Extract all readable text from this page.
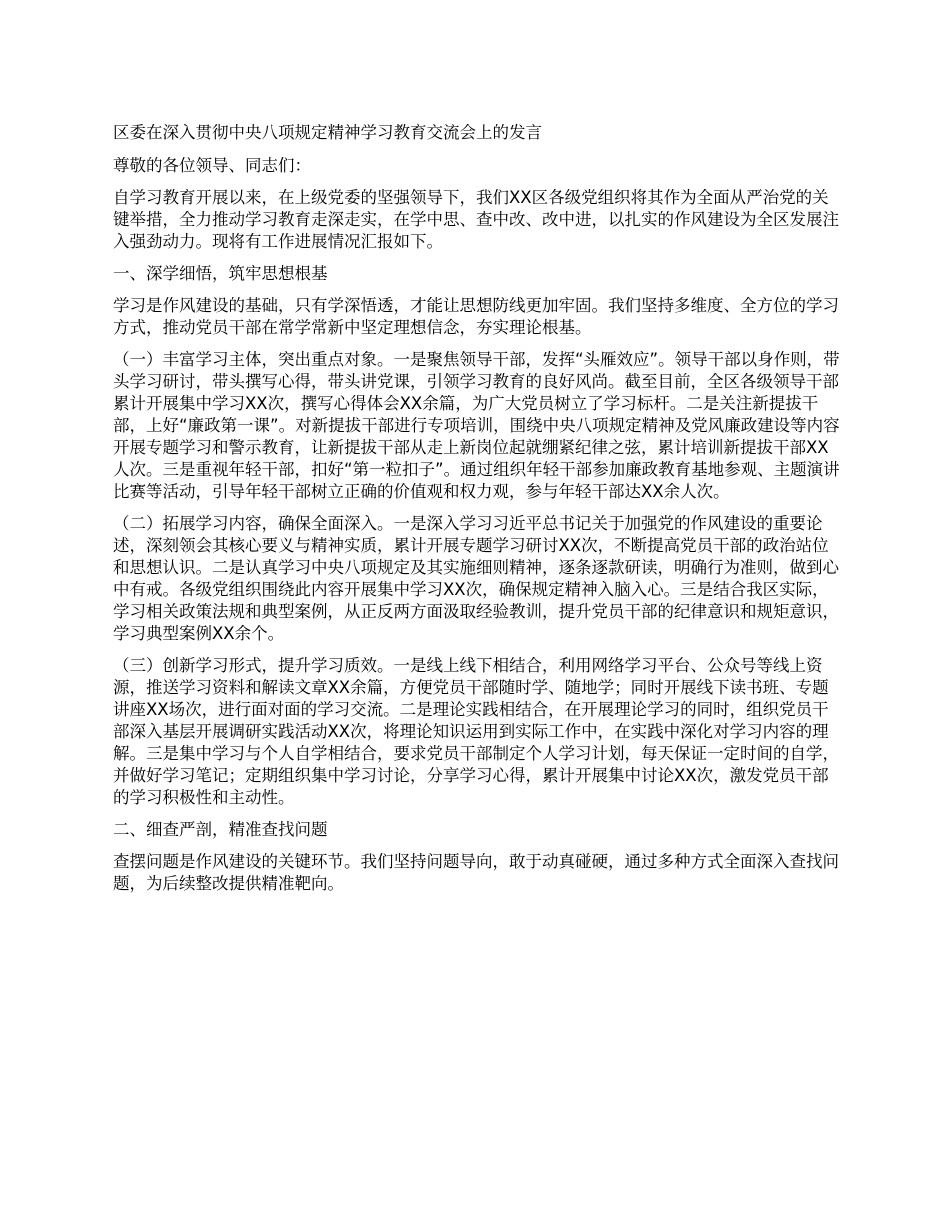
区委在深入贯彻中央八项规定精神学习教育交流会上的发言

尊敬的各位领导、同志们：

自学习教育开展以来，在上级党委的坚强领导下，我们XX区各级党组织将其作为全面从严治党的关键举措，全力推动学习教育走深走实，在学中思、查中改、改中进，以扎实的作风建设为全区发展注入强劲动力。现将有工作进展情况汇报如下。

一、深学细悟，筑牢思想根基

学习是作风建设的基础，只有学深悟透，才能让思想防线更加牢固。我们坚持多维度、全方位的学习方式，推动党员干部在常学常新中坚定理想信念，夯实理论根基。

（一）丰富学习主体，突出重点对象。一是聚焦领导干部，发挥“头雁效应”。领导干部以身作则，带头学习研讨，带头撰写心得，带头讲党课，引领学习教育的良好风尚。截至目前，全区各级领导干部累计开展集中学习XX次，撰写心得体会XX余篇，为广大党员树立了学习标杆。二是关注新提拔干部，上好“廉政第一课”。对新提拔干部进行专项培训，围绕中央八项规定精神及党风廉政建设等内容开展专题学习和警示教育，让新提拔干部从走上新岗位起就绷紧纪律之弦，累计培训新提拔干部XX人次。三是重视年轻干部，扣好“第一粒扣子”。通过组织年轻干部参加廉政教育基地参观、主题演讲比赛等活动，引导年轻干部树立正确的价值观和权力观，参与年轻干部达XX余人次。

（二）拓展学习内容，确保全面深入。一是深入学习习近平总书记关于加强党的作风建设的重要论述，深刻领会其核心要义与精神实质，累计开展专题学习研讨XX次，不断提高党员干部的政治站位和思想认识。二是认真学习中央八项规定及其实施细则精神，逐条逐款研读，明确行为准则，做到心中有戒。各级党组织围绕此内容开展集中学习XX次，确保规定精神入脑入心。三是结合我区实际，学习相关政策法规和典型案例，从正反两方面汲取经验教训，提升党员干部的纪律意识和规矩意识，学习典型案例XX余个。

（三）创新学习形式，提升学习质效。一是线上线下相结合，利用网络学习平台、公众号等线上资源，推送学习资料和解读文章XX余篇，方便党员干部随时学、随地学；同时开展线下读书班、专题讲座XX场次，进行面对面的学习交流。二是理论实践相结合，在开展理论学习的同时，组织党员干部深入基层开展调研实践活动XX次，将理论知识运用到实际工作中，在实践中深化对学习内容的理解。三是集中学习与个人自学相结合，要求党员干部制定个人学习计划，每天保证一定时间的自学，并做好学习笔记；定期组织集中学习讨论，分享学习心得，累计开展集中讨论XX次，激发党员干部的学习积极性和主动性。

二、细查严剖，精准查找问题

查摆问题是作风建设的关键环节。我们坚持问题导向，敢于动真碰硬，通过多种方式全面深入查找问题，为后续整改提供精准靶向。
